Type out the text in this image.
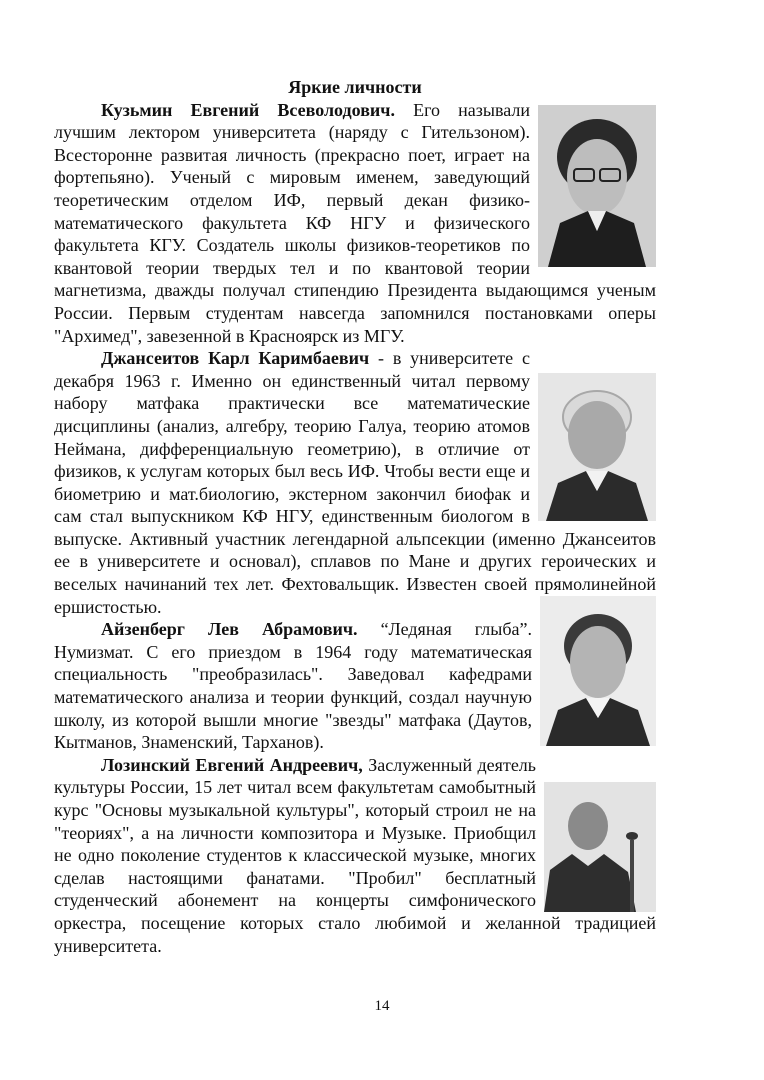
Яркие личности

Кузьмин Евгений Всеволодович. Его называли лучшим лектором университета (наряду с Гительзоном). Всесторонне развитая личность (прекрасно поет, играет на фортепьяно). Ученый с мировым именем, заведующий теоретическим отделом ИФ, первый декан физико-математического факультета КФ НГУ и физического факультета КГУ. Создатель школы физиков-теоретиков по квантовой теории твердых тел и по квантовой теории магнетизма, дважды получал стипендию Президента выдающимся ученым России. Первым студентам навсегда запомнился постановками оперы "Архимед", завезенной в Красноярск из МГУ.

Джансеитов Карл Каримбаевич - в университете с декабря 1963 г. Именно он единственный читал первому набору матфака практически все математические дисциплины (анализ, алгебру, теорию Галуа, теорию атомов Неймана, дифференциальную геометрию), в отличие от физиков, к услугам которых был весь ИФ. Чтобы вести еще и биометрию и мат.биологию, экстерном закончил биофак и сам стал выпускником КФ НГУ, единственным биологом в выпуске. Активный участник легендарной альпсекции (именно Джансеитов ее в университете и основал), сплавов по Мане и других героических и веселых начинаний тех лет. Фехтовальщик. Известен своей прямолинейной ершистостью.

Айзенберг Лев Абрамович. “Ледяная глыба”. Нумизмат. С его приездом в 1964 году математическая специальность "преобразилась". Заведовал кафедрами математического анализа и теории функций, создал научную школу, из которой вышли многие "звезды" матфака (Даутов, Кытманов, Знаменский, Тарханов).

Лозинский Евгений Андреевич, Заслуженный деятель культуры России, 15 лет читал всем факультетам самобытный курс "Основы музыкальной культуры", который строил не на "теориях", а на личности композитора и Музыке. Приобщил не одно поколение студентов к классической музыке, многих сделав настоящими фанатами. "Пробил" бесплатный студенческий абонемент на концерты симфонического оркестра, посещение которых стало любимой и желанной традицией университета.

14
